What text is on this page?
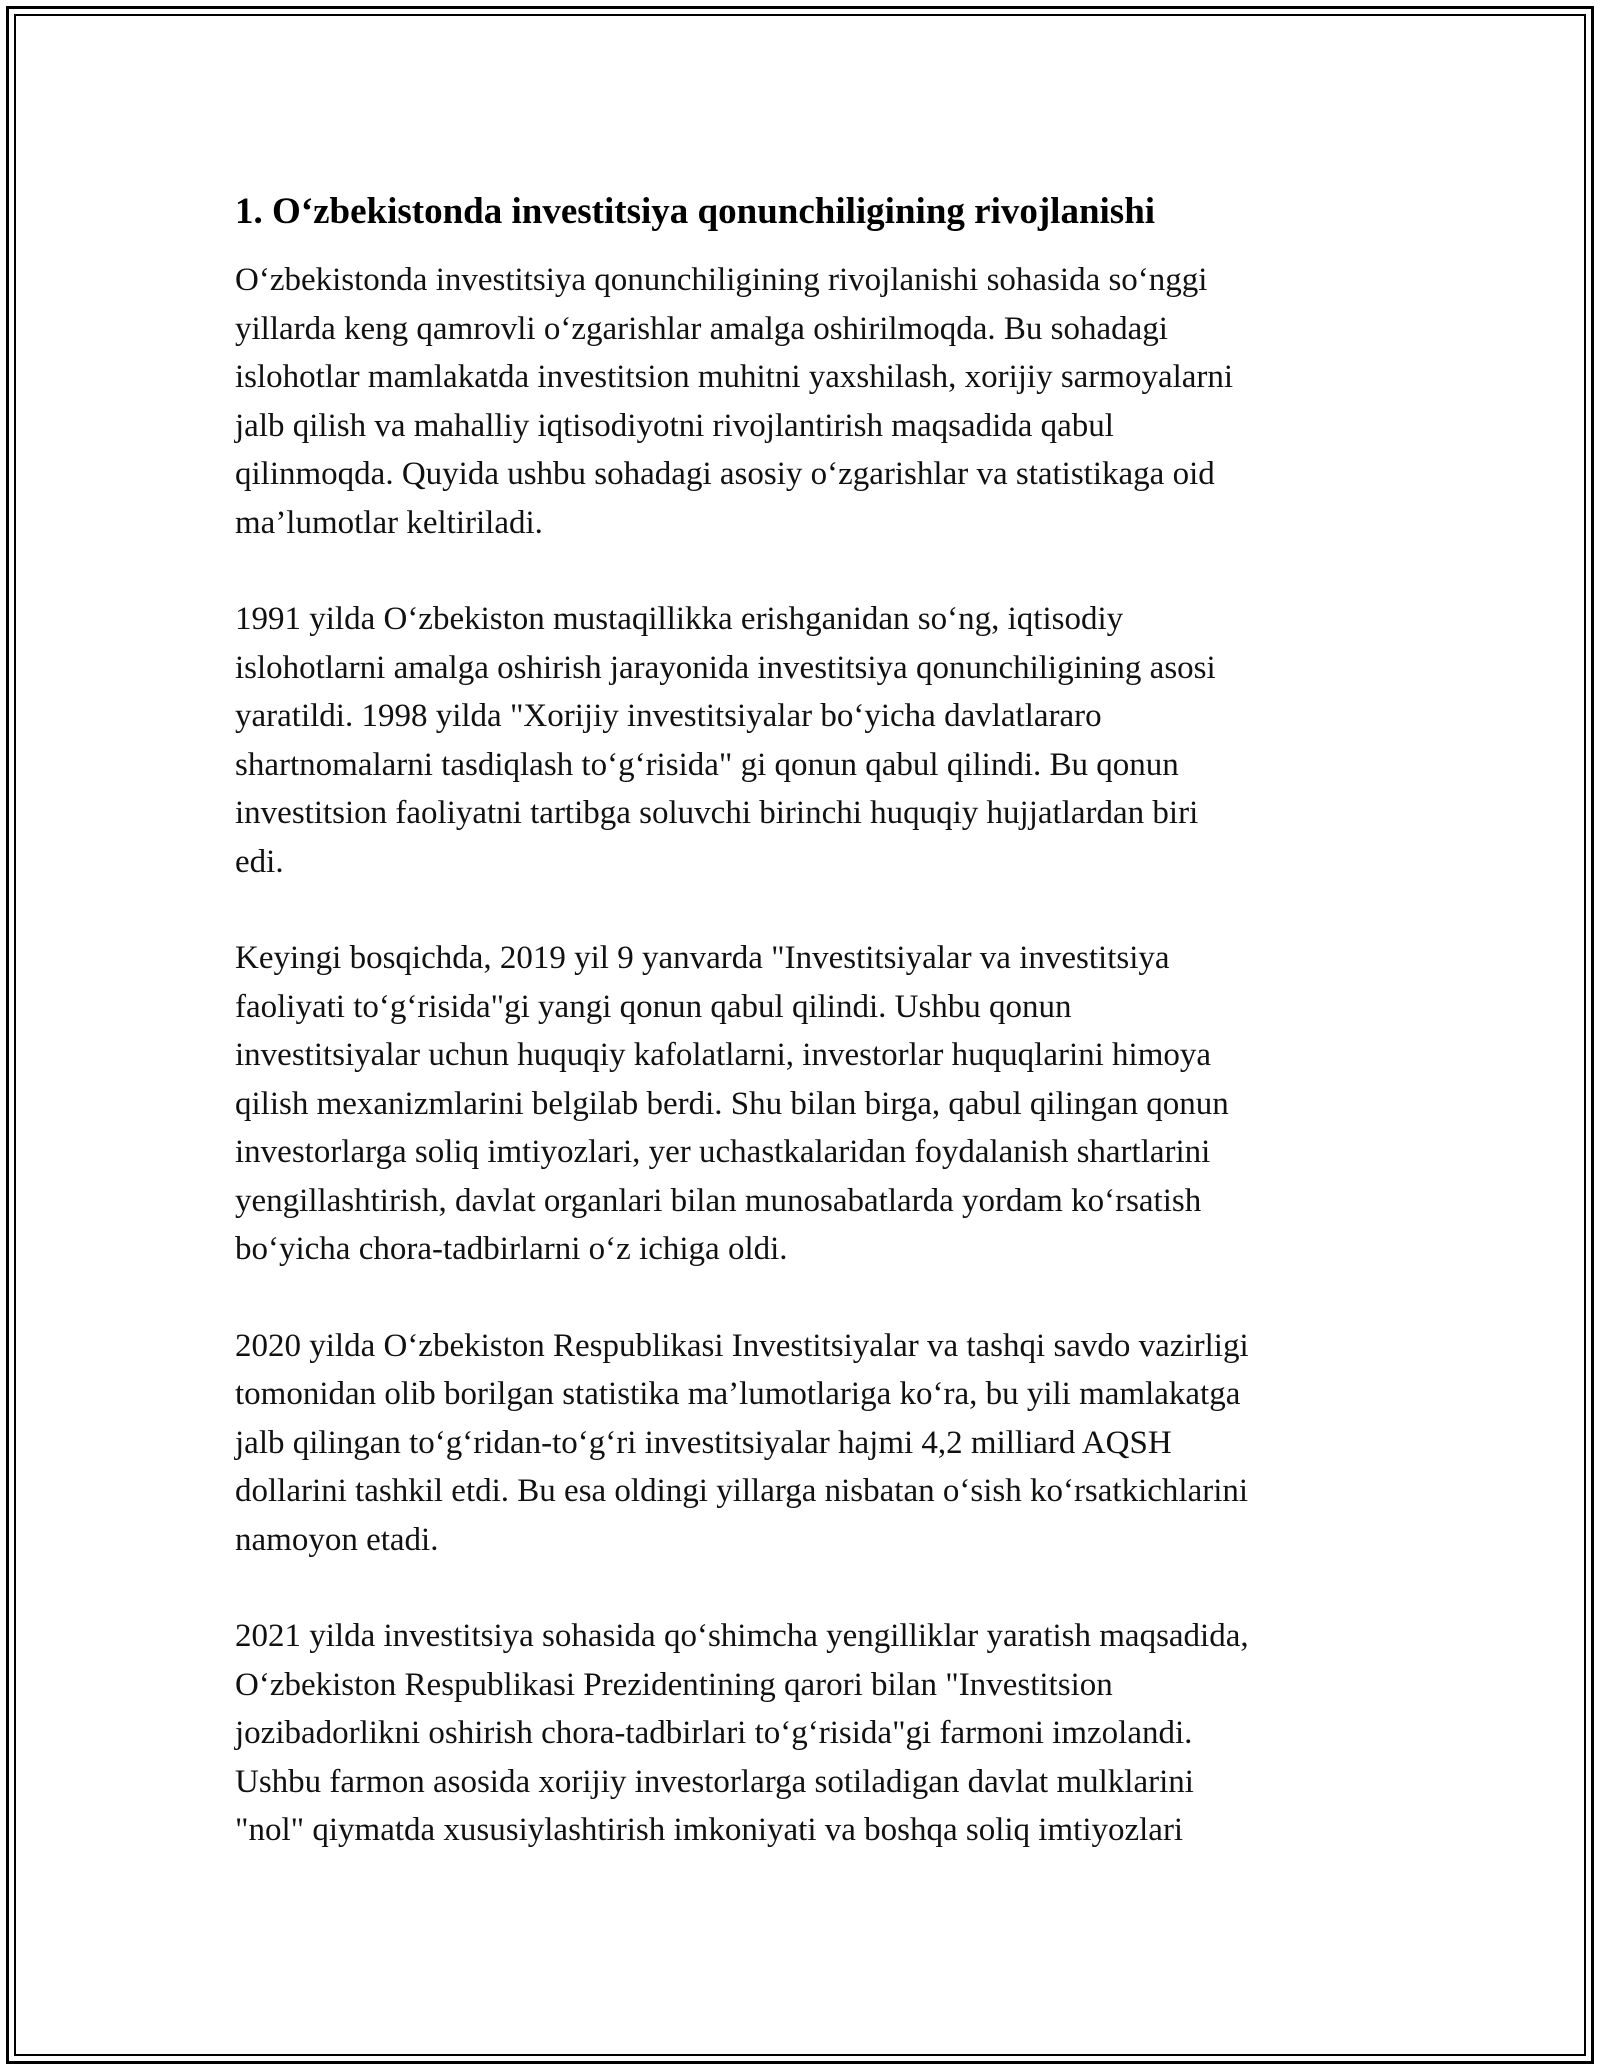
1. O‘zbekistonda investitsiya qonunchiligining rivojlanishi

O‘zbekistonda investitsiya qonunchiligining rivojlanishi sohasida so‘nggi
yillarda keng qamrovli o‘zgarishlar amalga oshirilmoqda. Bu sohadagi
islohotlar mamlakatda investitsion muhitni yaxshilash, xorijiy sarmoyalarni
jalb qilish va mahalliy iqtisodiyotni rivojlantirish maqsadida qabul
qilinmoqda. Quyida ushbu sohadagi asosiy o‘zgarishlar va statistikaga oid
ma’lumotlar keltiriladi.

1991 yilda O‘zbekiston mustaqillikka erishganidan so‘ng, iqtisodiy
islohotlarni amalga oshirish jarayonida investitsiya qonunchiligining asosi
yaratildi. 1998 yilda "Xorijiy investitsiyalar bo‘yicha davlatlararo
shartnomalarni tasdiqlash to‘g‘risida" gi qonun qabul qilindi. Bu qonun
investitsion faoliyatni tartibga soluvchi birinchi huquqiy hujjatlardan biri
edi.

Keyingi bosqichda, 2019 yil 9 yanvarda "Investitsiyalar va investitsiya
faoliyati to‘g‘risida"gi yangi qonun qabul qilindi. Ushbu qonun
investitsiyalar uchun huquqiy kafolatlarni, investorlar huquqlarini himoya
qilish mexanizmlarini belgilab berdi. Shu bilan birga, qabul qilingan qonun
investorlarga soliq imtiyozlari, yer uchastkalaridan foydalanish shartlarini
yengillashtirish, davlat organlari bilan munosabatlarda yordam ko‘rsatish
bo‘yicha chora-tadbirlarni o‘z ichiga oldi.

2020 yilda O‘zbekiston Respublikasi Investitsiyalar va tashqi savdo vazirligi
tomonidan olib borilgan statistika ma’lumotlariga ko‘ra, bu yili mamlakatga
jalb qilingan to‘g‘ridan-to‘g‘ri investitsiyalar hajmi 4,2 milliard AQSH
dollarini tashkil etdi. Bu esa oldingi yillarga nisbatan o‘sish ko‘rsatkichlarini
namoyon etadi.

2021 yilda investitsiya sohasida qo‘shimcha yengilliklar yaratish maqsadida,
O‘zbekiston Respublikasi Prezidentining qarori bilan "Investitsion
jozibadorlikni oshirish chora-tadbirlari to‘g‘risida"gi farmoni imzolandi.
Ushbu farmon asosida xorijiy investorlarga sotiladigan davlat mulklarini
"nol" qiymatda xususiylashtirish imkoniyati va boshqa soliq imtiyozlari
